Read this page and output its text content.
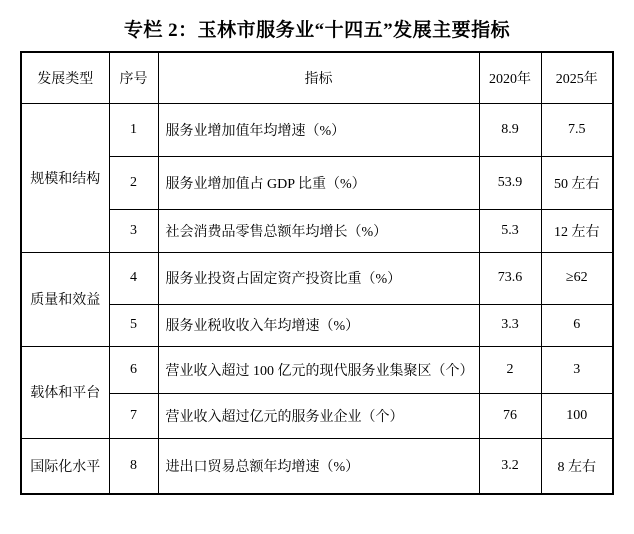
专栏 2：玉林市服务业“十四五”发展主要指标
发展类型	序号	指标	2020年	2025年
规模和结构	1	服务业增加值年均增速（%）	8.9	7.5
	2	服务业增加值占 GDP 比重（%）	53.9	50 左右
	3	社会消费品零售总额年均增长（%）	5.3	12 左右
质量和效益	4	服务业投资占固定资产投资比重（%）	73.6	≥62
	5	服务业税收收入年均增速（%）	3.3	6
载体和平台	6	营业收入超过 100 亿元的现代服务业集聚区（个）	2	3
	7	营业收入超过亿元的服务业企业（个）	76	100
国际化水平	8	进出口贸易总额年均增速（%）	3.2	8 左右
